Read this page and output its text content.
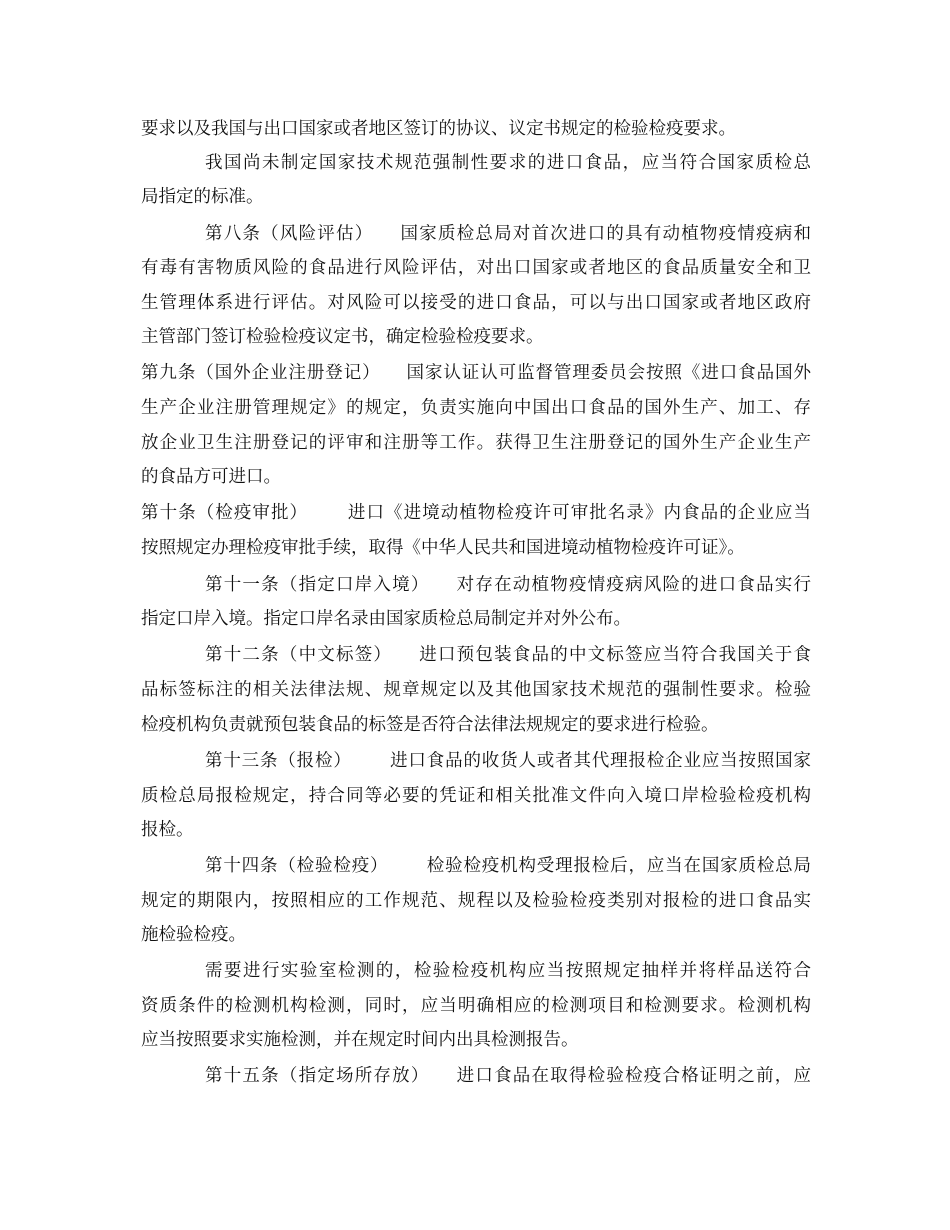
要求以及我国与出口国家或者地区签订的协议、议定书规定的检验检疫要求。

我国尚未制定国家技术规范强制性要求的进口食品，应当符合国家质检总

局指定的标准。

第八条（风险评估）    国家质检总局对首次进口的具有动植物疫情疫病和

有毒有害物质风险的食品进行风险评估，对出口国家或者地区的食品质量安全和卫

生管理体系进行评估。对风险可以接受的进口食品，可以与出口国家或者地区政府

主管部门签订检验检疫议定书，确定检验检疫要求。

第九条（国外企业注册登记）    国家认证认可监督管理委员会按照《进口食品国外

生产企业注册管理规定》的规定，负责实施向中国出口食品的国外生产、加工、存

放企业卫生注册登记的评审和注册等工作。获得卫生注册登记的国外生产企业生产

的食品方可进口。

第十条（检疫审批）      进口《进境动植物检疫许可审批名录》内食品的企业应当

按照规定办理检疫审批手续，取得《中华人民共和国进境动植物检疫许可证》。

第十一条（指定口岸入境）    对存在动植物疫情疫病风险的进口食品实行

指定口岸入境。指定口岸名录由国家质检总局制定并对外公布。

第十二条（中文标签）    进口预包装食品的中文标签应当符合我国关于食

品标签标注的相关法律法规、规章规定以及其他国家技术规范的强制性要求。检验

检疫机构负责就预包装食品的标签是否符合法律法规规定的要求进行检验。

第十三条（报检）      进口食品的收货人或者其代理报检企业应当按照国家

质检总局报检规定，持合同等必要的凭证和相关批准文件向入境口岸检验检疫机构

报检。

第十四条（检验检疫）      检验检疫机构受理报检后，应当在国家质检总局

规定的期限内，按照相应的工作规范、规程以及检验检疫类别对报检的进口食品实

施检验检疫。

需要进行实验室检测的，检验检疫机构应当按照规定抽样并将样品送符合

资质条件的检测机构检测，同时，应当明确相应的检测项目和检测要求。检测机构

应当按照要求实施检测，并在规定时间内出具检测报告。

第十五条（指定场所存放）    进口食品在取得检验检疫合格证明之前，应
